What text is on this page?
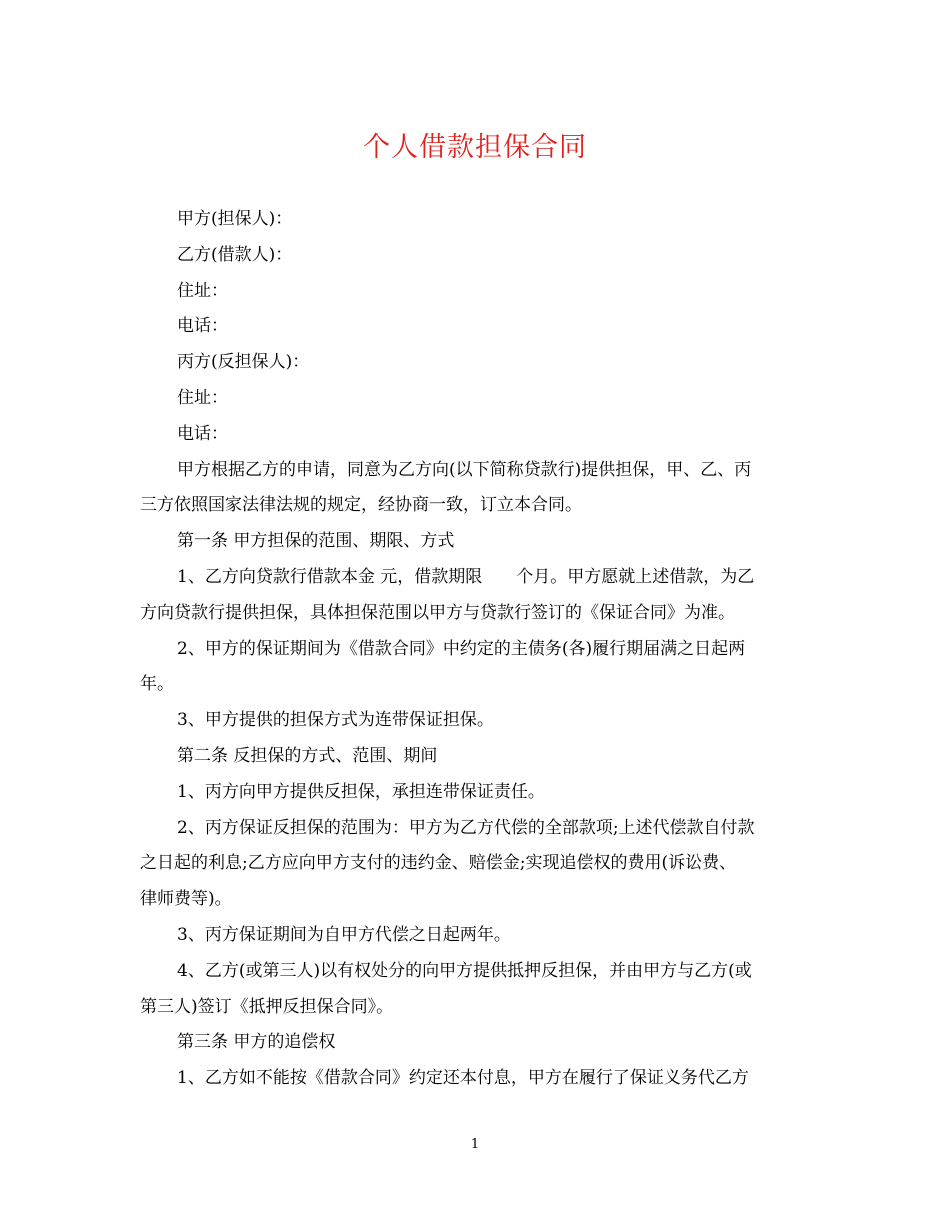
个人借款担保合同
甲方(担保人)：
乙方(借款人)：
住址：
电话：
丙方(反担保人)：
住址：
电话：
甲方根据乙方的申请，同意为乙方向(以下简称贷款行)提供担保，甲、乙、丙
三方依照国家法律法规的规定，经协商一致，订立本合同。
第一条 甲方担保的范围、期限、方式
1、乙方向贷款行借款本金 元，借款期限　　个月。甲方愿就上述借款，为乙
方向贷款行提供担保，具体担保范围以甲方与贷款行签订的《保证合同》为准。
2、甲方的保证期间为《借款合同》中约定的主债务(各)履行期届满之日起两
年。
3、甲方提供的担保方式为连带保证担保。
第二条 反担保的方式、范围、期间
1、丙方向甲方提供反担保，承担连带保证责任。
2、丙方保证反担保的范围为：甲方为乙方代偿的全部款项;上述代偿款自付款
之日起的利息;乙方应向甲方支付的违约金、赔偿金;实现追偿权的费用(诉讼费、
律师费等)。
3、丙方保证期间为自甲方代偿之日起两年。
4、乙方(或第三人)以有权处分的向甲方提供抵押反担保，并由甲方与乙方(或
第三人)签订《抵押反担保合同》。
第三条 甲方的追偿权
1、乙方如不能按《借款合同》约定还本付息，甲方在履行了保证义务代乙方
1
